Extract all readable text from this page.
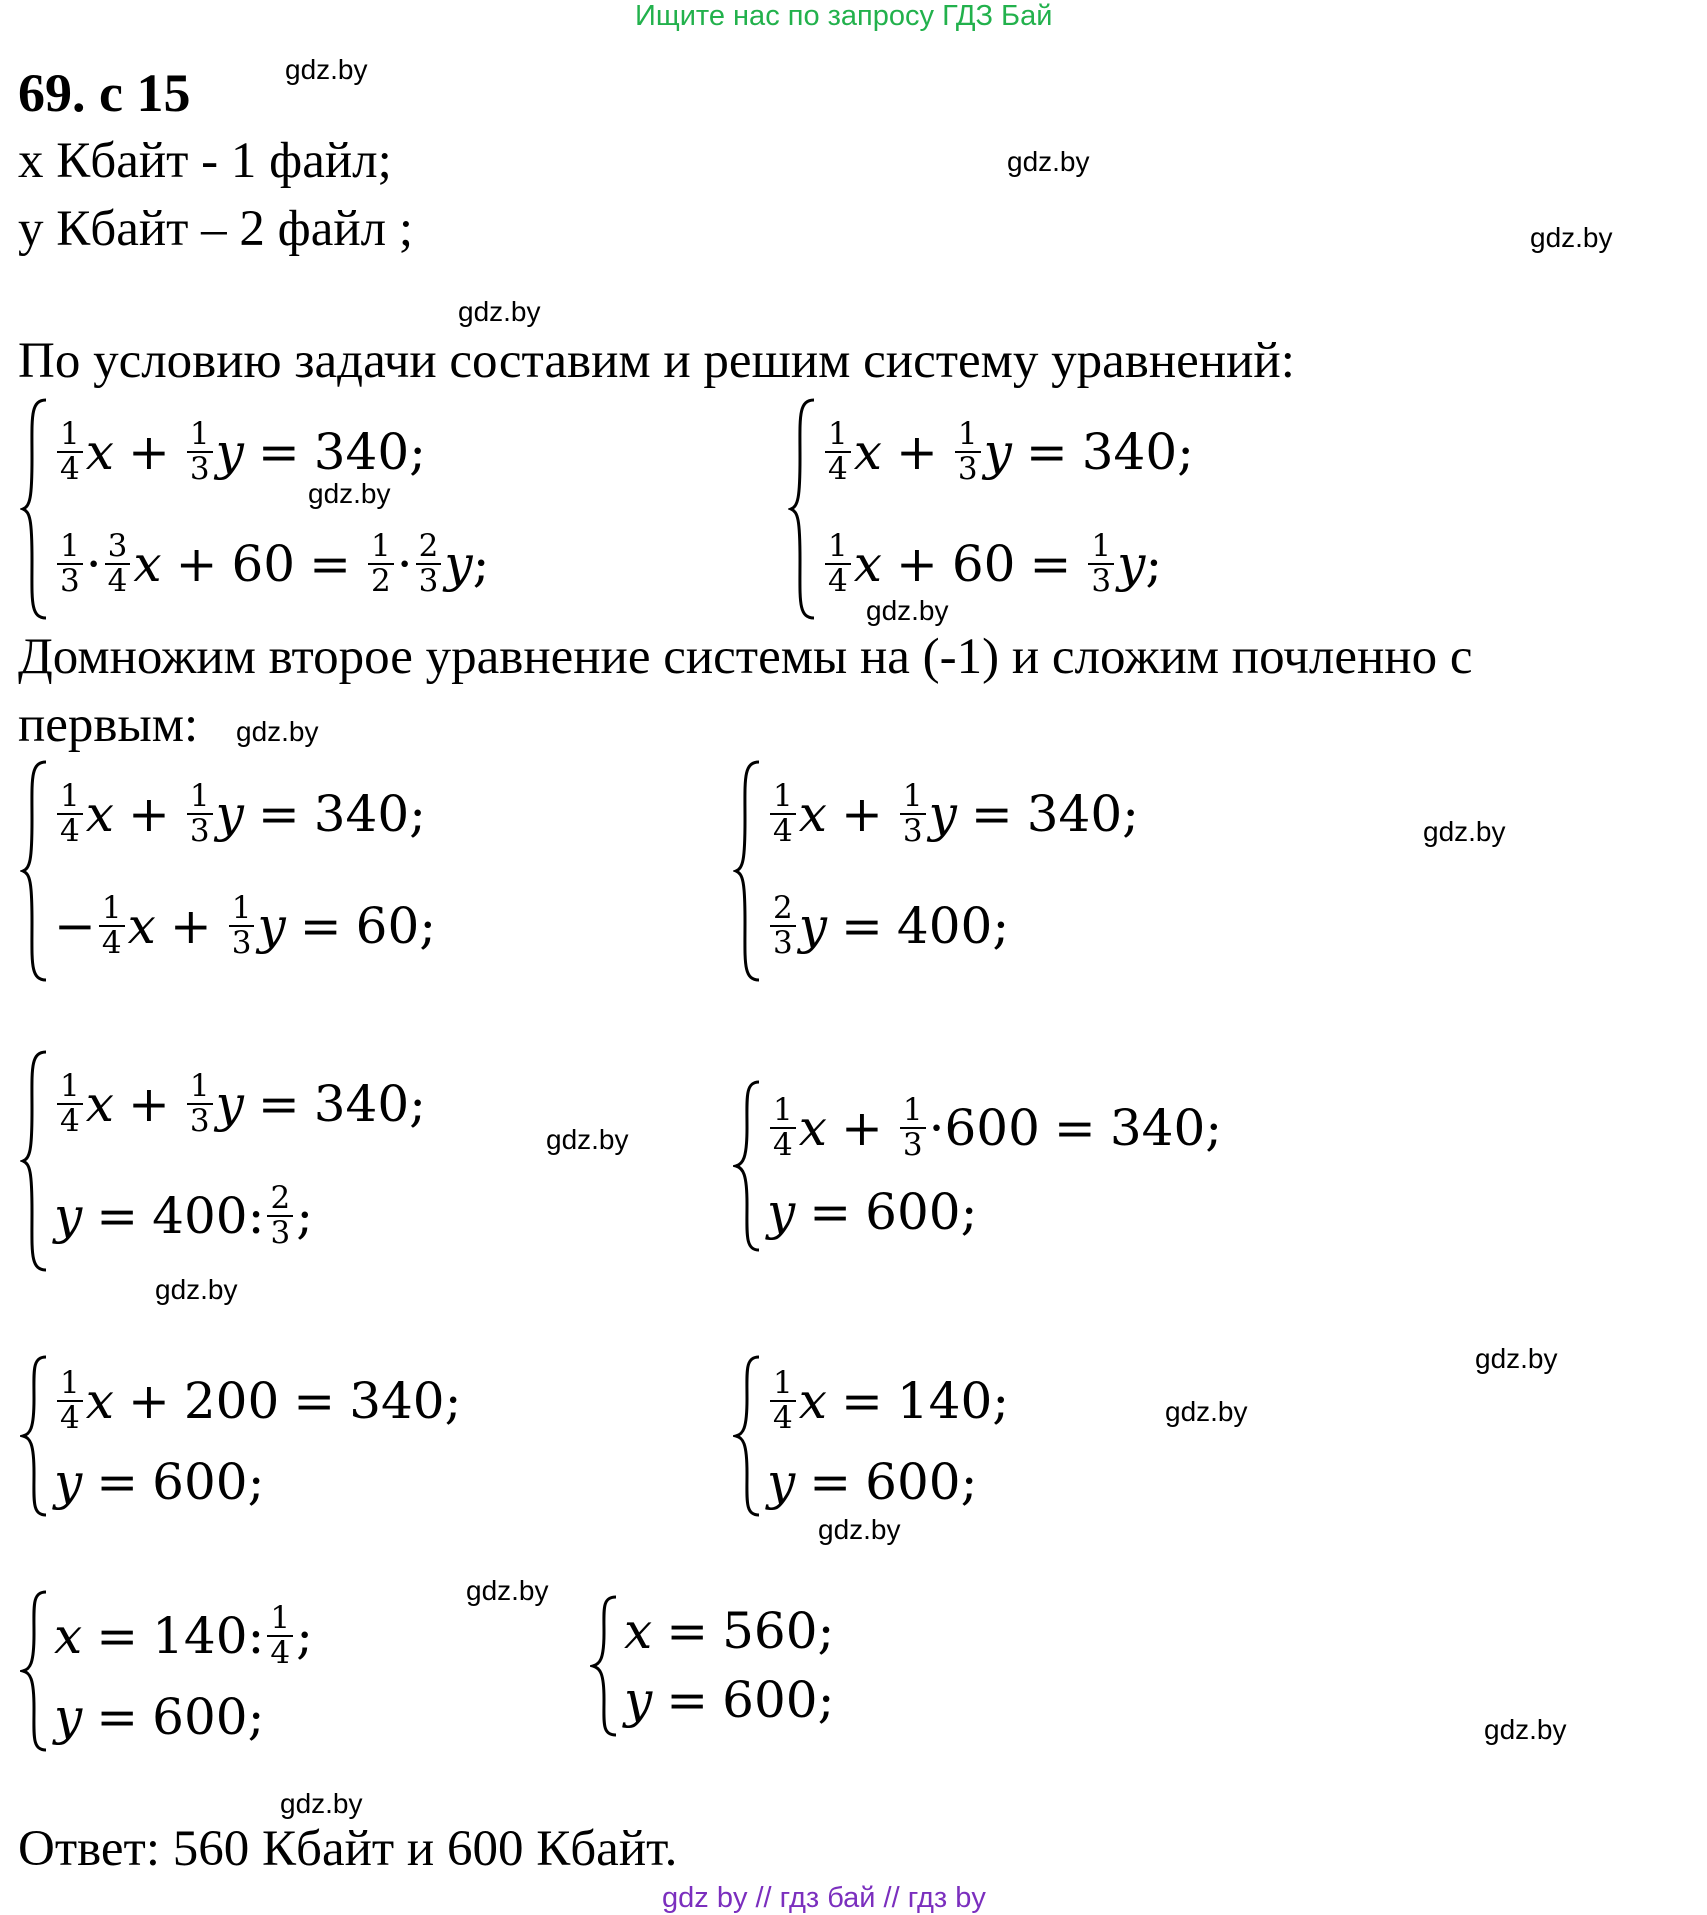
Ищите нас по запросу ГДЗ Бай
69. с 15
х Кбайт - 1 файл;
у Кбайт – 2 файл ;
По условию задачи составим и решим систему уравнений:
Домножим второе уравнение системы на (-1) и сложим почленно с
первым:
Ответ: 560 Кбайт и 600 Кбайт.
$\frac{1}{4}$ $x + \frac{1}{3}$ y = 340 ;
$\frac{1}{3} \cdot \frac{3}{4}$ $x + 60 = \frac{1}{2} \cdot \frac{2}{3}$ y ;
$\frac{1}{4}$ $x + \frac{1}{3}$ y = 340 ;
$\frac{1}{4}$ $x + 60 = \frac{1}{3}$ y ;
$\frac{1}{4}$ $x + \frac{1}{3}$ y = 340 ;
− $\frac{1}{4}$ $x + \frac{1}{3}$ y = 60 ;
$\frac{1}{4}$ $x + \frac{1}{3}$ y = 340 ;
$\frac{2}{3}$ y = 400 ;
$\frac{1}{4}$ $x + \frac{1}{3}$ y = 340 ;
y = 400 : $\frac{2}{3}$ ;
$\frac{1}{4}$ $x + \frac{1}{3} \cdot 600 = 340$ ;
y = 600 ;
$\frac{1}{4}$ x + 200 = 340 ;
y = 600 ;
$\frac{1}{4}$ x = 140 ;
y = 600 ;
x = 140 : $\frac{1}{4}$ ;
y = 600 ;
x = 560 ;
y = 600 ;
gdz.by
gdz.by
gdz.by
gdz.by
gdz.by
gdz.by
gdz.by
gdz.by
gdz.by
gdz.by
gdz.by
gdz.by
gdz.by
gdz.by
gdz.by
gdz.by
gdz by // гдз бай // гдз by
